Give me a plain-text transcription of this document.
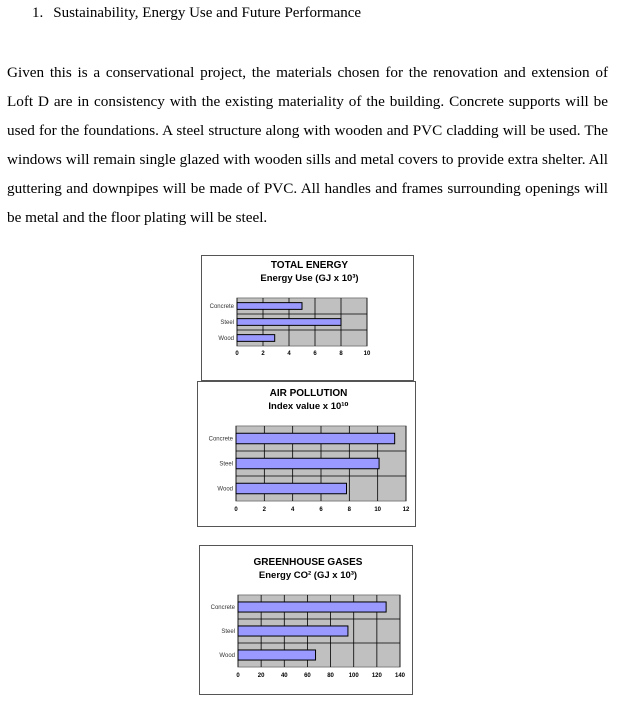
1. Sustainability, Energy Use and Future Performance
Given this is a conservational project, the materials chosen for the renovation and extension of Loft D are in consistency with the existing materiality of the building. Concrete supports will be used for the foundations. A steel structure along with wooden and PVC cladding will be used. The windows will remain single glazed with wooden sills and metal covers to provide extra shelter. All guttering and downpipes will be made of PVC. All handles and frames surrounding openings will be metal and the floor plating will be steel.
TOTAL ENERGY
Energy Use (GJ x 10³)
Concrete
Steel
Wood
0	2	4	6	8	10
AIR POLLUTION
Index value x 10¹⁰
Concrete
Steel
Wood
0	2	4	6	8	10	12
GREENHOUSE GASES
Energy CO² (GJ x 10³)
Concrete
Steel
Wood
0	20	40	60	80 100 120 140
